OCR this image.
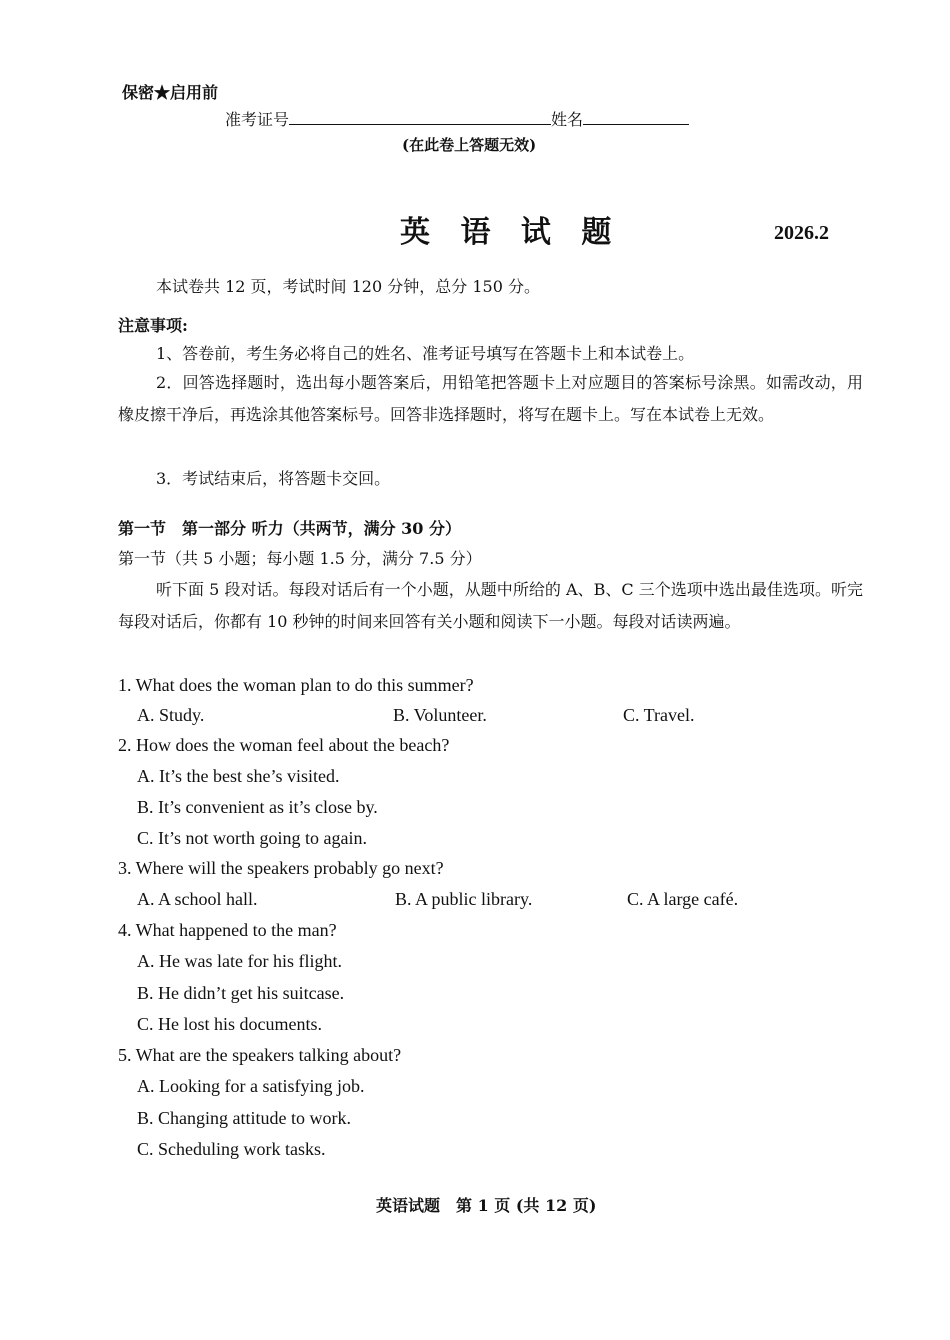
保密★启用前
准考证号	姓名
(在此卷上答题无效)
英 语 试 题	2026.2
本试卷共 12 页，考试时间 120 分钟，总分 150 分。
注意事项:
1、答卷前，考生务必将自己的姓名、准考证号填写在答题卡上和本试卷上。
2．回答选择题时，选出每小题答案后，用铅笔把答题卡上对应题目的答案标号涂黑。如需改动，用橡皮擦干净后，再选涂其他答案标号。回答非选择题时，将写在题卡上。写在本试卷上无效。
3．考试结束后，将答题卡交回。
第一节　第一部分 听力（共两节，满分 30 分）
第一节（共 5 小题；每小题 1.5 分，满分 7.5 分）
听下面 5 段对话。每段对话后有一个小题，从题中所给的 A、B、C 三个选项中选出最佳选项。听完每段对话后，你都有 10 秒钟的时间来回答有关小题和阅读下一小题。每段对话读两遍。
1. What does the woman plan to do this summer?
A. Study.	B. Volunteer.	C. Travel.
2. How does the woman feel about the beach?
A. It’s the best she’s visited.
B. It’s convenient as it’s close by.
C. It’s not worth going to again.
3. Where will the speakers probably go next?
A. A school hall.	B. A public library.	C. A large café.
4. What happened to the man?
A. He was late for his flight.
B. He didn’t get his suitcase.
C. He lost his documents.
5. What are the speakers talking about?
A. Looking for a satisfying job.
B. Changing attitude to work.
C. Scheduling work tasks.
英语试题　第 1 页 (共 12 页)
